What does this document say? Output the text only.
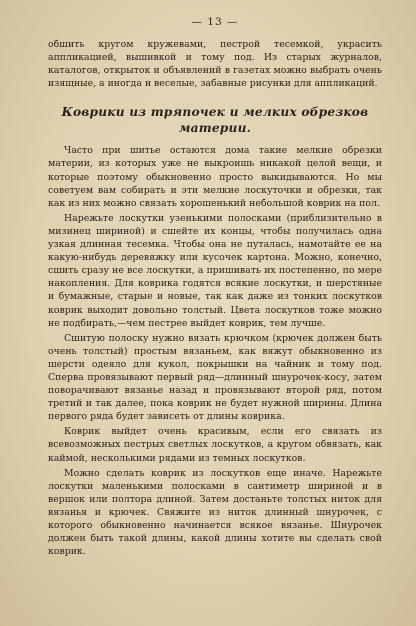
— 13 —

обшить кругом кружевами, пестрой тесемкой, украсить аппликацией, вышивкой и тому под. Из старых журналов, каталогов, открыток и объявлений в газетах можно выбрать очень изящные, а иногда и веселые, забавные рисунки для аппликаций.

Коврики из тряпочек и мелких обрезков материи.

Часто при шитье остаются дома такие мелкие обрезки материи, из которых уже не выкроишь никакой целой вещи, и которые поэтому обыкновенно просто выкидываются. Но мы советуем вам собирать и эти мелкие лоскуточки и обрезки, так как из них можно связать хорошенький небольшой коврик на пол.

Нарежьте лоскутки узенькими полосками (приблизительно в мизинец шириной) и сшейте их концы, чтобы получилась одна узкая длинная тесемка. Чтобы она не путалась, намотайте ее на какую-нибудь деревяжку или кусочек картона. Можно, конечно, сшить сразу не все лоскутки, а пришивать их постепенно, по мере накопления. Для коврика годятся всякие лоскутки, и шерстяные и бумажные, старые и новые, так как даже из тонких лоскутков коврик выходит довольно толстый. Цвета лоскутков тоже можно не подбирать,—чем пестрее выйдет коврик, тем лучше.

Сшитую полоску нужно вязать крючком (крючек должен быть очень толстый) простым вязаньем, как вяжут обыкновенно из шерсти одеяло для кукол, покрышки на чайник и тому под. Сперва провязывают первый ряд—длинный шнурочек-косу, затем поворачивают вязанье назад и провязывают второй ряд, потом третий и так далее, пока коврик не будет нужной ширины. Длина первого ряда будет зависеть от длины коврика.

Коврик выйдет очень красивым, если его связать из всевозможных пестрых светлых лоскутков, а кругом обвязать, как каймой, несколькими рядами из темных лоскутков.

Можно сделать коврик из лоскутков еще иначе. Нарежьте лоскутки маленькими полосками в сантиметр шириной и в вершок или полтора длиной. Затем достаньте толстых ниток для вязанья и крючек. Свяжите из ниток длинный шнурочек, с которого обыкновенно начинается всякое вязанье. Шнурочек должен быть такой длины, какой длины хотите вы сделать свой коврик.
